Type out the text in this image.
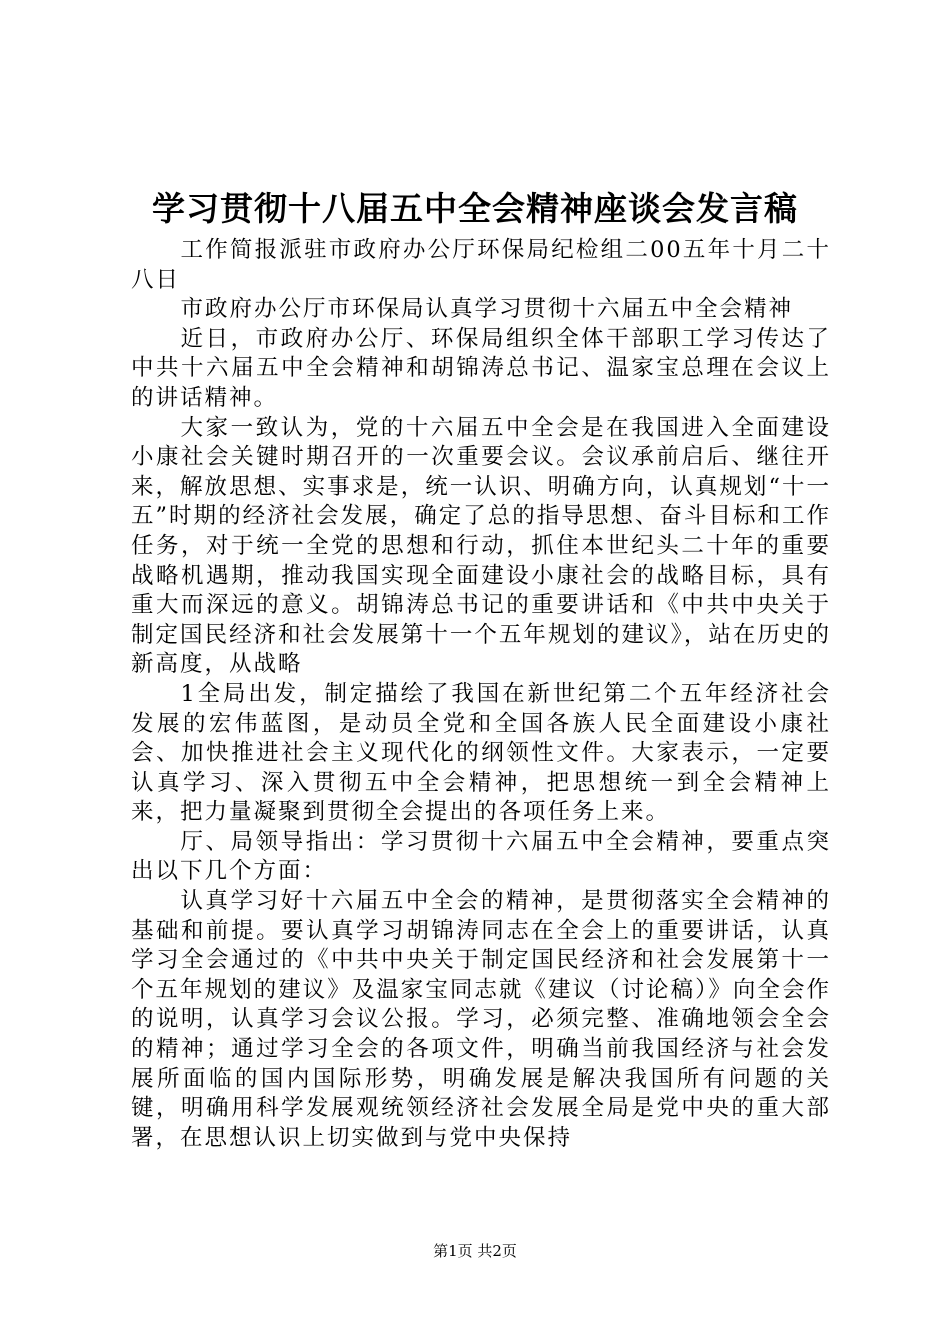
学习贯彻十八届五中全会精神座谈会发言稿

工作简报派驻市政府办公厅环保局纪检组二00五年十月二十八日

市政府办公厅市环保局认真学习贯彻十六届五中全会精神

近日，市政府办公厅、环保局组织全体干部职工学习传达了中共十六届五中全会精神和胡锦涛总书记、温家宝总理在会议上的讲话精神。

大家一致认为，党的十六届五中全会是在我国进入全面建设小康社会关键时期召开的一次重要会议。会议承前启后、继往开来，解放思想、实事求是，统一认识、明确方向，认真规划“十一五”时期的经济社会发展，确定了总的指导思想、奋斗目标和工作任务，对于统一全党的思想和行动，抓住本世纪头二十年的重要战略机遇期，推动我国实现全面建设小康社会的战略目标，具有重大而深远的意义。胡锦涛总书记的重要讲话和《中共中央关于制定国民经济和社会发展第十一个五年规划的建议》，站在历史的新高度，从战略

1全局出发，制定描绘了我国在新世纪第二个五年经济社会发展的宏伟蓝图，是动员全党和全国各族人民全面建设小康社会、加快推进社会主义现代化的纲领性文件。大家表示，一定要认真学习、深入贯彻五中全会精神，把思想统一到全会精神上来，把力量凝聚到贯彻全会提出的各项任务上来。

厅、局领导指出：学习贯彻十六届五中全会精神，要重点突出以下几个方面：

认真学习好十六届五中全会的精神，是贯彻落实全会精神的基础和前提。要认真学习胡锦涛同志在全会上的重要讲话，认真学习全会通过的《中共中央关于制定国民经济和社会发展第十一个五年规划的建议》及温家宝同志就《建议（讨论稿）》向全会作的说明，认真学习会议公报。学习，必须完整、准确地领会全会的精神；通过学习全会的各项文件，明确当前我国经济与社会发展所面临的国内国际形势，明确发展是解决我国所有问题的关键，明确用科学发展观统领经济社会发展全局是党中央的重大部署，在思想认识上切实做到与党中央保持

第1页 共2页
